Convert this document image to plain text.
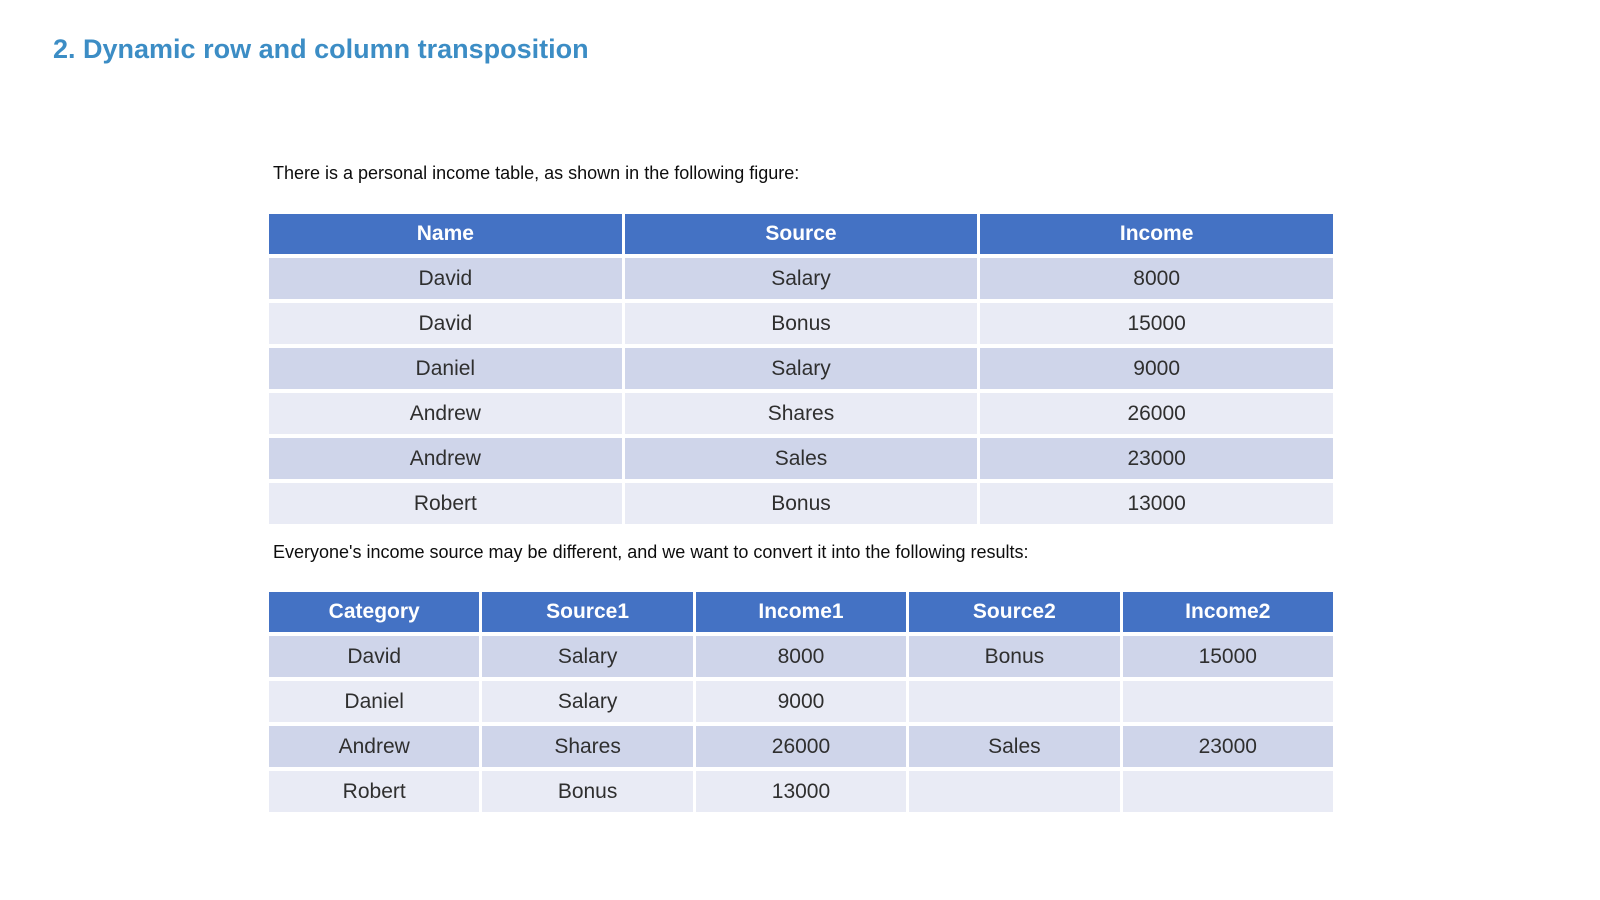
2. Dynamic row and column transposition

There is a personal income table, as shown in the following figure:

Name	Source	Income
David	Salary	8000
David	Bonus	15000
Daniel	Salary	9000
Andrew	Shares	26000
Andrew	Sales	23000
Robert	Bonus	13000

Everyone's income source may be different, and we want to convert it into the following results:

Category	Source1	Income1	Source2	Income2
David	Salary	8000	Bonus	15000
Daniel	Salary	9000		
Andrew	Shares	26000	Sales	23000
Robert	Bonus	13000		
